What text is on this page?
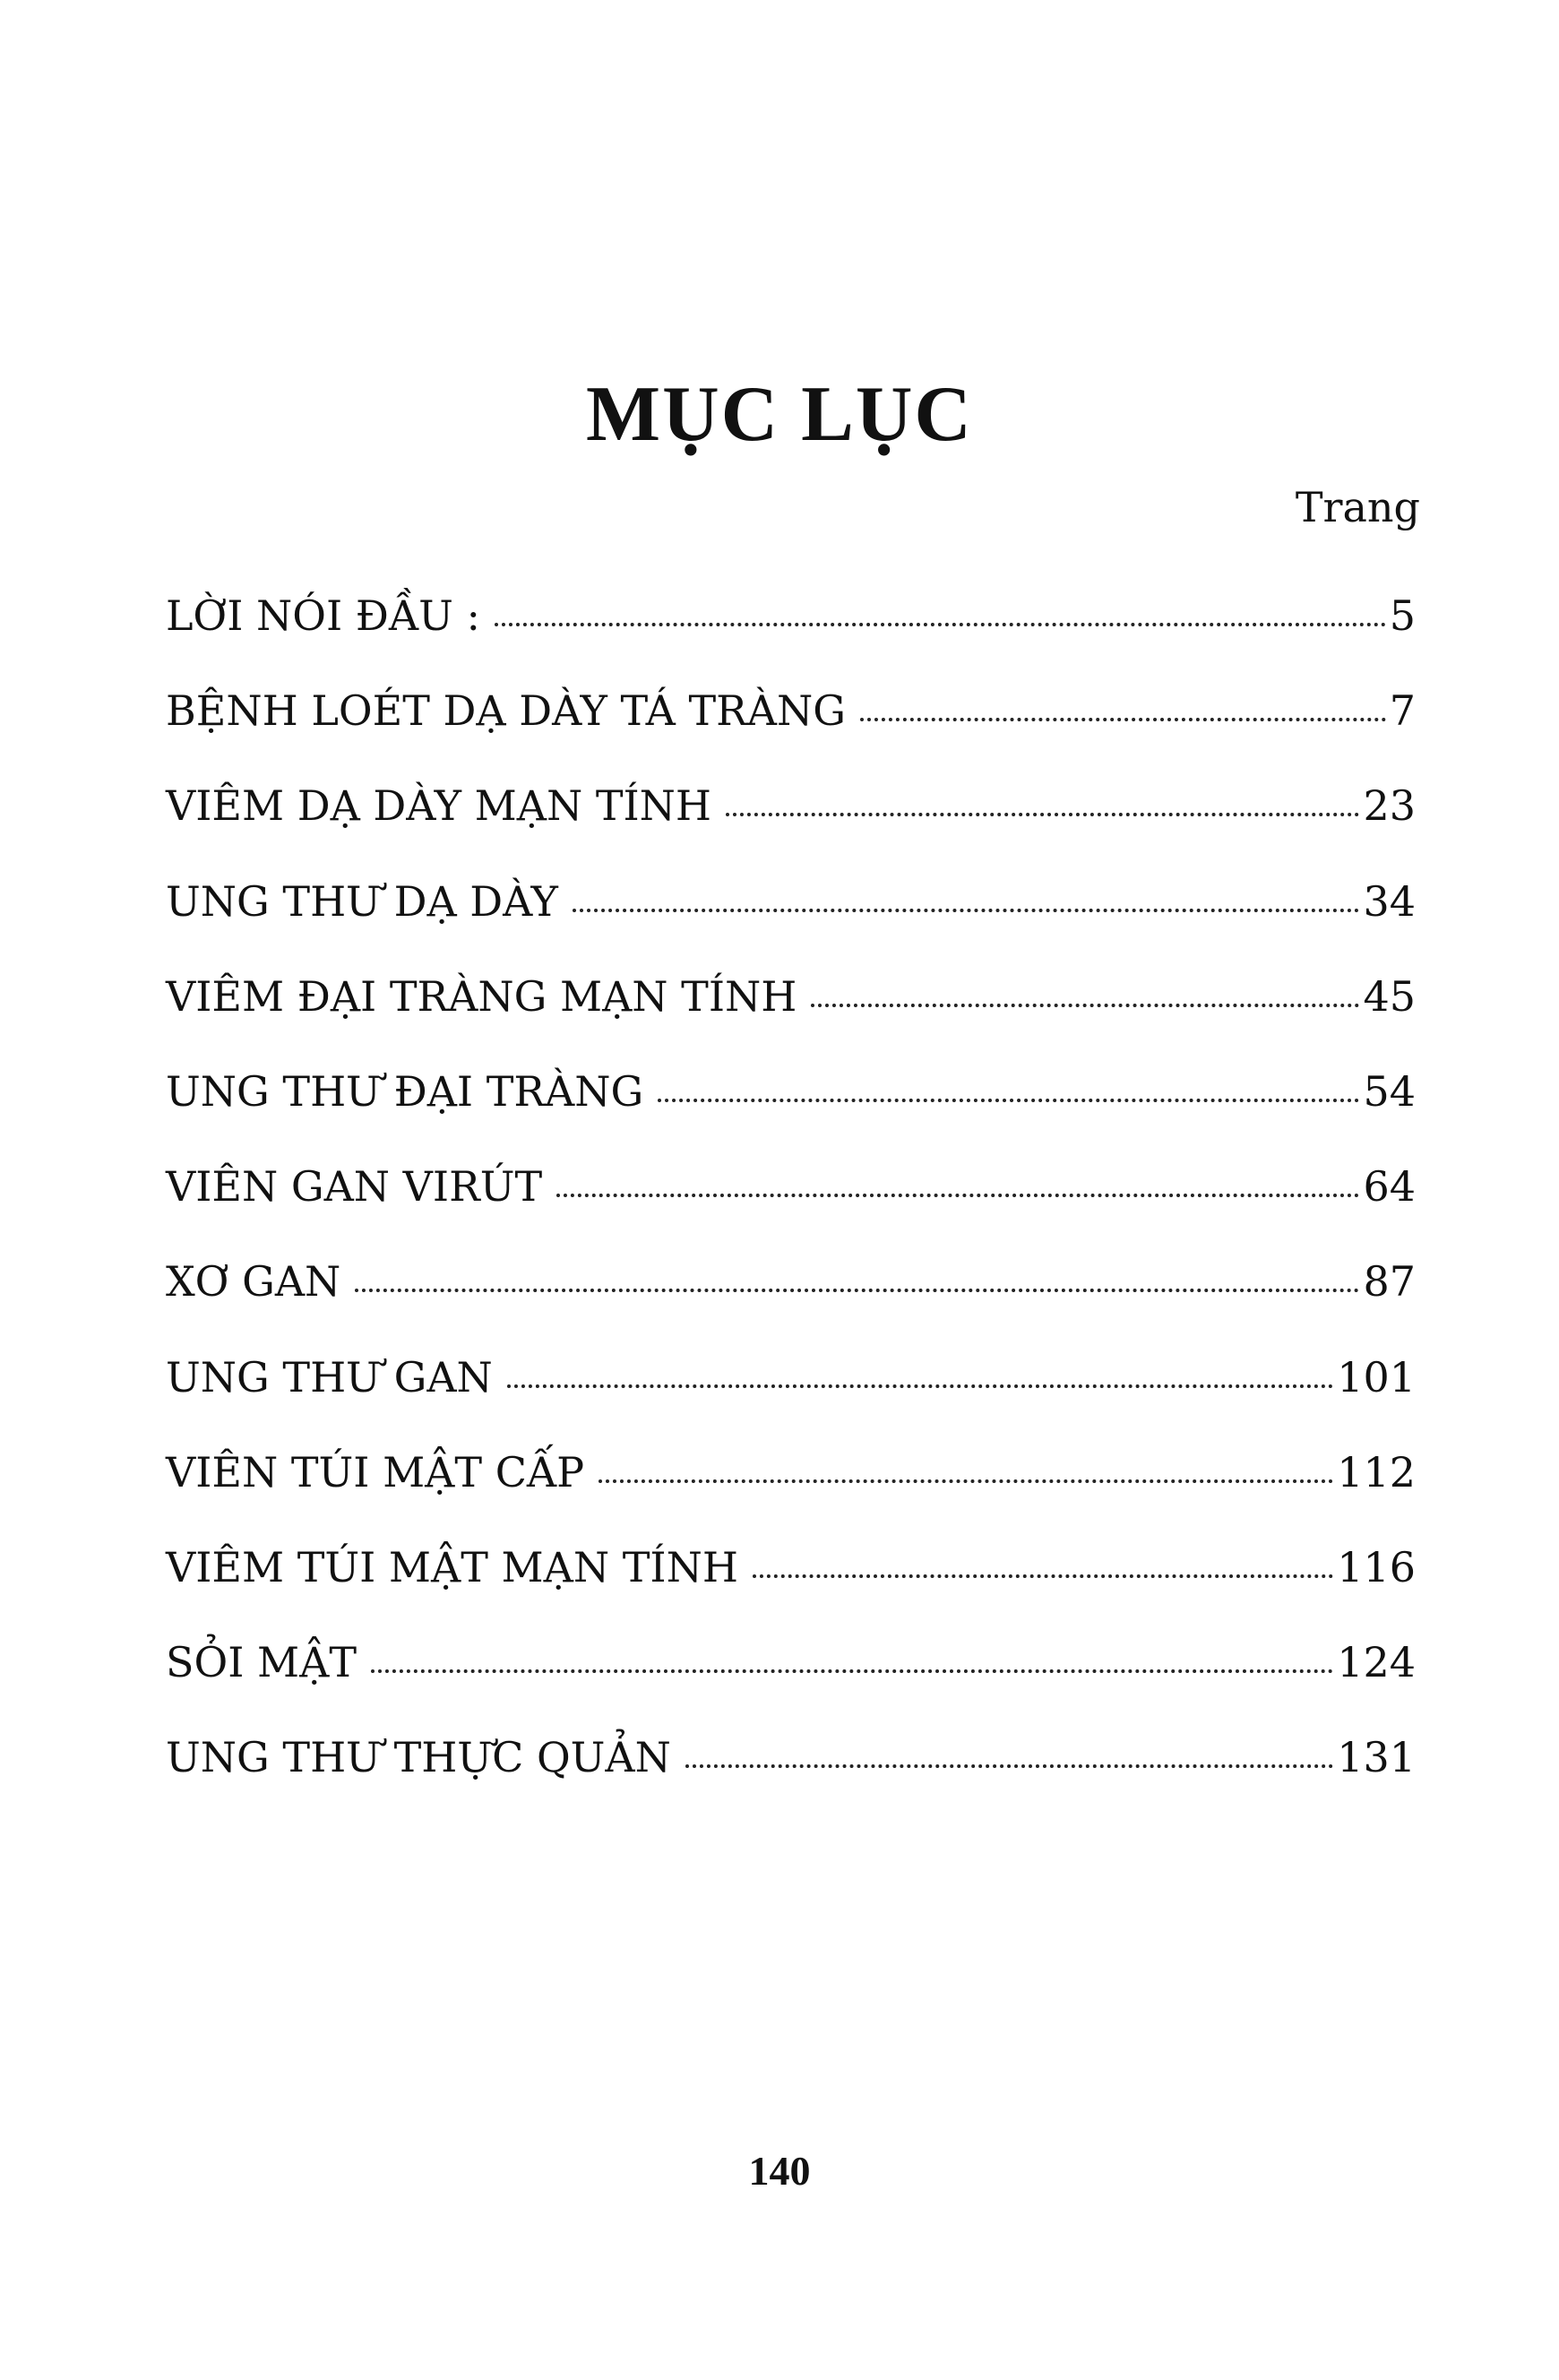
MỤC LỤC
Trang
LỜI NÓI ĐẦU :	5
BỆNH LOÉT DẠ DÀY TÁ TRÀNG	7
VIÊM DẠ DÀY MẠN TÍNH	23
UNG THƯ DẠ DÀY	34
VIÊM ĐẠI TRÀNG MẠN TÍNH	45
UNG THƯ ĐẠI TRÀNG	54
VIÊN GAN VIRÚT	64
XƠ GAN	87
UNG THƯ GAN	101
VIÊN TÚI MẬT CẤP	112
VIÊM TÚI MẬT MẠN TÍNH	116
SỎI MẬT	124
UNG THƯ THỰC QUẢN	131
140
